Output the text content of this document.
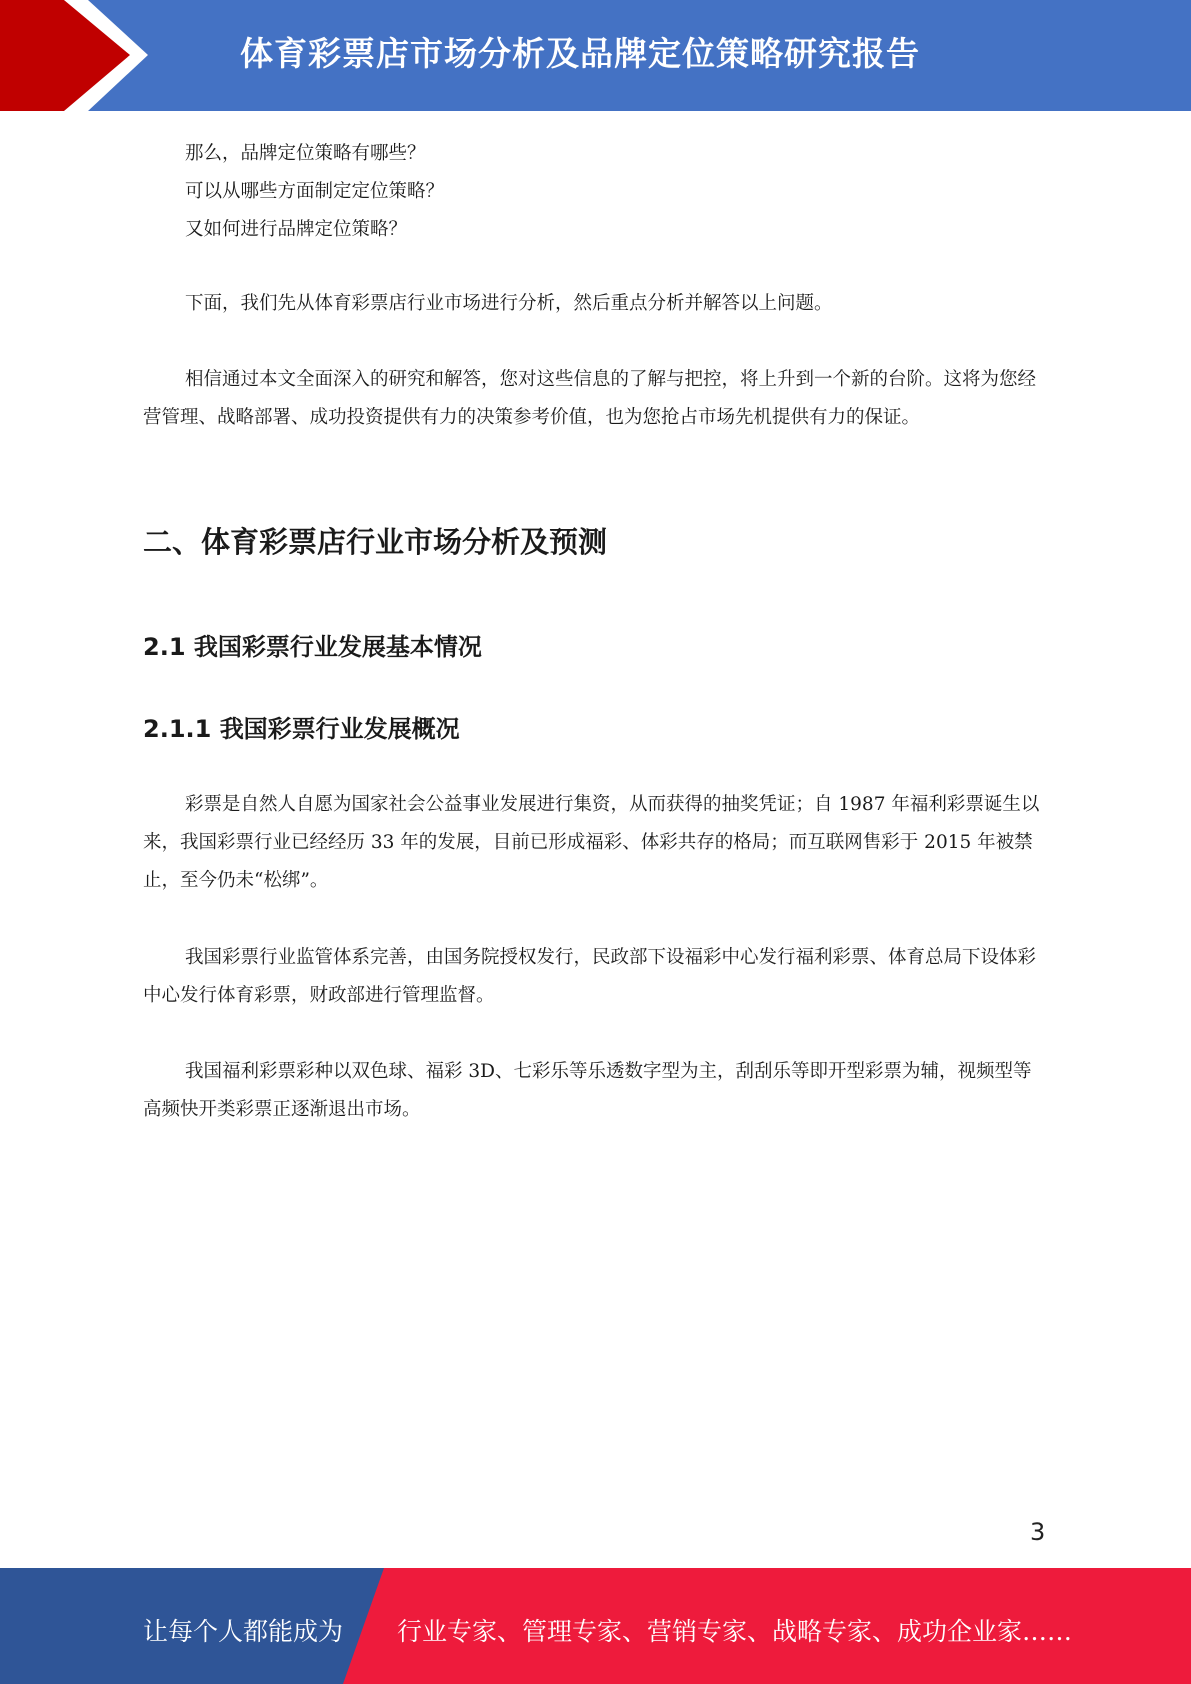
体育彩票店市场分析及品牌定位策略研究报告
那么，品牌定位策略有哪些？
可以从哪些方面制定定位策略？
又如何进行品牌定位策略？
下面，我们先从体育彩票店行业市场进行分析，然后重点分析并解答以上问题。
相信通过本文全面深入的研究和解答，您对这些信息的了解与把控，将上升到一个新的台阶。这将为您经营管理、战略部署、成功投资提供有力的决策参考价值，也为您抢占市场先机提供有力的保证。
二、体育彩票店行业市场分析及预测
2.1 我国彩票行业发展基本情况
2.1.1 我国彩票行业发展概况
彩票是自然人自愿为国家社会公益事业发展进行集资，从而获得的抽奖凭证；自 1987 年福利彩票诞生以来，我国彩票行业已经经历 33 年的发展，目前已形成福彩、体彩共存的格局；而互联网售彩于 2015 年被禁止，至今仍未“松绑”。
我国彩票行业监管体系完善，由国务院授权发行，民政部下设福彩中心发行福利彩票、体育总局下设体彩中心发行体育彩票，财政部进行管理监督。
我国福利彩票彩种以双色球、福彩 3D、七彩乐等乐透数字型为主，刮刮乐等即开型彩票为辅，视频型等高频快开类彩票正逐渐退出市场。
3
让每个人都能成为 行业专家、管理专家、营销专家、战略专家、成功企业家……
